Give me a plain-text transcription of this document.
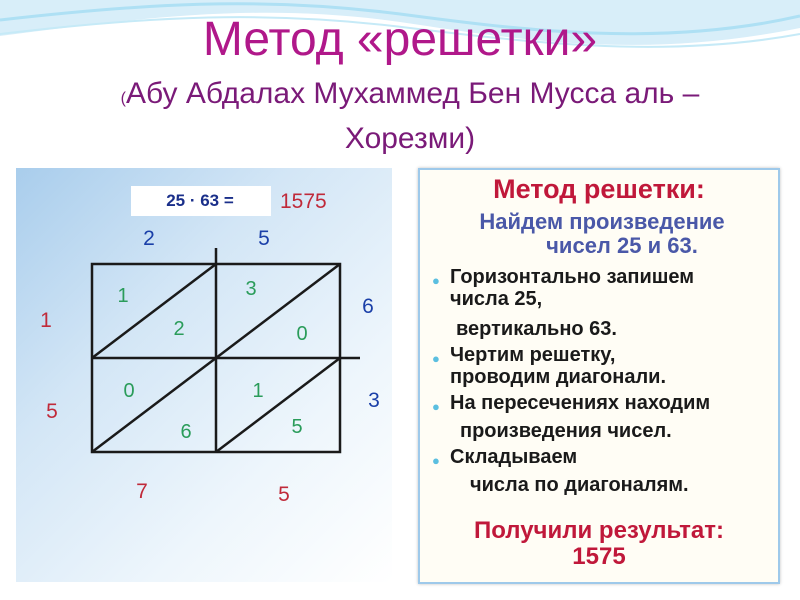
Метод «решетки»
(Абу Абдалах Мухаммед Бен Мусса аль –
Хорезми)
25 · 63 = 1575
2	5
1
2
3
0
0
6
1
5
6
3
1
5
7	5
Метод решетки:
Найдем произведение
чисел 25 и 63.
● Горизонтально запишем
числа 25,
вертикально 63.
● Чертим решетку,
проводим диагонали.
● На пересечениях находим
произведения чисел.
● Складываем
числа по диагоналям.
Получили результат:
1575
